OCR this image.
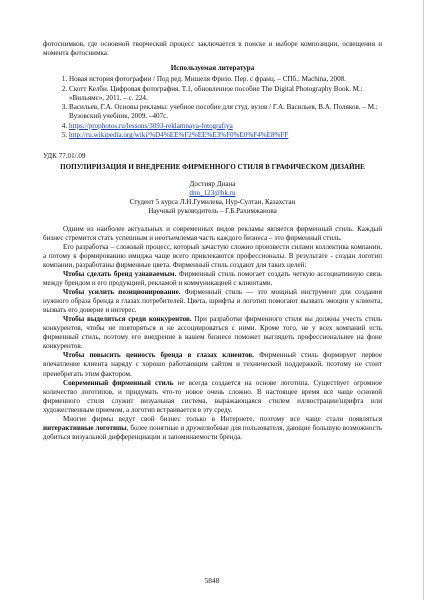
фотоснимков, где основной творческий процесс заключается в поиске и выборе композиции, освещения и момента фотоснимка.

Используемая литература

1. Новая история фотографии / Под ред. Мишеля Фризо. Пер. с франц. – СПб.: Machina, 2008.
2. Скотт Келби. Цифровая фотография. Т.1, обновленное пособие The Digital Photography Book. М.: «Вильямс», 2011. – с. 224.
3. Васильев, Г.А. Основы рекламы: учебное пособие для студ. вузов / Г.А. Васильев, В.А. Поляков. – М.: Вузовский учебник, 2009. –407с.
4. https://prophotos.ru/lessons/3093-reklamnaya-fotografiya
5. http://ru.wikipedia.org/wiki/%D4%EE%F2%EE%E3%F0%E0%F4%E8%FF

УДК 77.01/.09

ПОПУЛИРИЗАЦИЯ И ВНЕДРЕНИЕ ФИРМЕННОГО СТИЛЯ В ГРАФИЧЕСКОМ ДИЗАЙНЕ

Достияр Диана

dnn_123@bk.ru

Студент 5 курса Л.Н.Гумилева, Нур-Султан, Казахстан

Научный руководитель – Г.Б.Рахимжанова

Одним из наиболее актуальных и современных видов рекламы является фирменный стиль. Каждый бизнес стремится стать успешным и неотъемлемая часть каждого бизнеса – это фирменный стиль.

Его разработка – сложный процесс, который зачастую сложно произвести силами коллектива компании, а потому к формированию имиджа чаще всего привлекаются профессионалы. В результате - создан логотип компании, разработаны фирменные цвета. Фирменный стиль создают для таких целей:

Чтобы сделать бренд узнаваемым. Фирменный стиль помогает создать четкую ассоциативную связь между брендом и его продукцией, рекламой и коммуникацией с клиентами.

Чтобы усилить позиционирование. Фирменный стиль — это мощный инструмент для создания нужного образа бренда в глазах потребителей. Цвета, шрифты и логотип помогают вызвать эмоции у клиента, вызвать его доверие и интерес.

Чтобы выделиться среди конкурентов. При разработке фирменного стиля вы должны учесть стиль конкурентов, чтобы не повторяться и не ассоциироваться с ними. Кроме того, не у всех компаний есть фирменный стиль, поэтому его внедрение в вашем бизнесе поможет выглядеть профессиональнее на фоне конкурентов.

Чтобы повысить ценность бренда в глазах клиентов. Фирменный стиль формирует первое впечатление клиента наряду с хорошо работающим сайтом и технической поддержкой, поэтому не стоит пренебрегать этим фактором.

Современный фирменный стиль не всегда создается на основе логотипа. Существует огромное количество логотипов, и придумать что-то новое очень сложно. В настоящее время все чаще основой фирменного стиля служит визуальная система, выражающаяся стилем иллюстрации/шрифта или художественным приемом, а логотип встраивается в эту среду.

Многие фирмы ведут свой бизнес только в Интернете, поэтому все чаще стали появляться интерактивные логотипы, более понятные и дружелюбные для пользователя, дающие большую возможность добиться визуальной дифференциации и запоминаемости бренда.

5848
